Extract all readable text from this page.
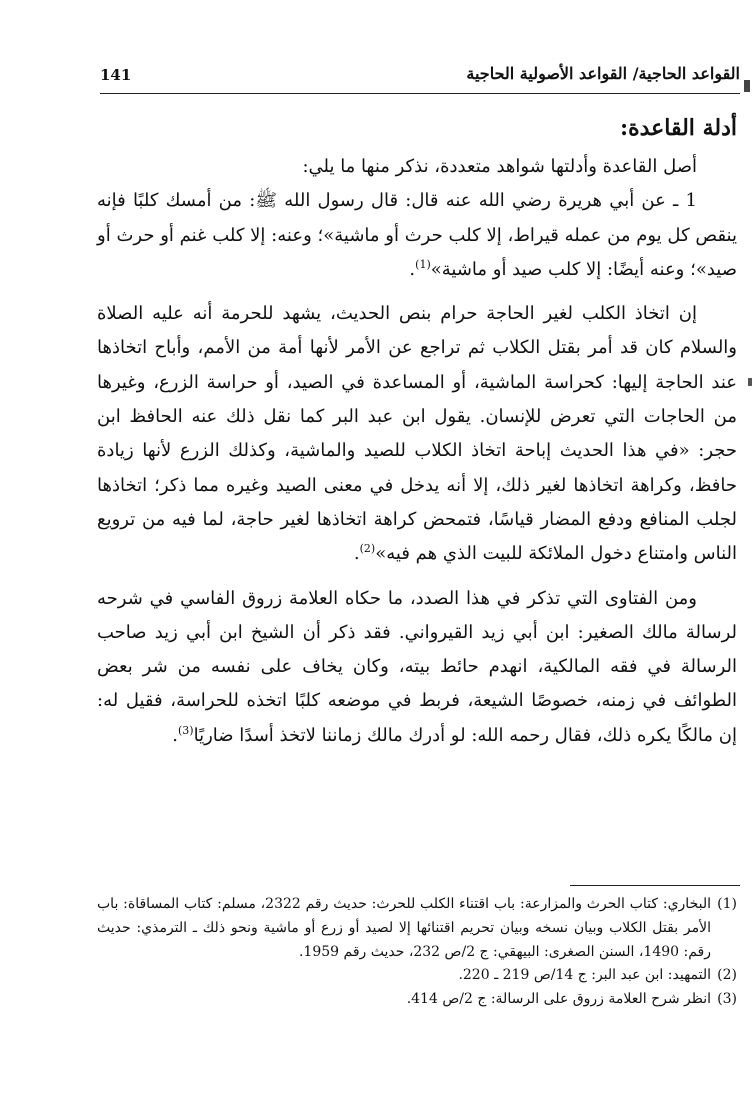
141	القواعد الحاجية/ القواعد الأصولية الحاجية
أدلة القاعدة:

أصل القاعدة وأدلتها شواهد متعددة، نذكر منها ما يلي:

1 ـ عن أبي هريرة رضي الله عنه قال: قال رسول الله ﷺ: من أمسك كلبًا فإنه ينقص كل يوم من عمله قيراط، إلا كلب حرث أو ماشية»؛ وعنه: إلا كلب غنم أو حرث أو صيد»؛ وعنه أيضًا: إلا كلب صيد أو ماشية»$^{(1)}$.

إن اتخاذ الكلب لغير الحاجة حرام بنص الحديث، يشهد للحرمة أنه عليه الصلاة والسلام كان قد أمر بقتل الكلاب ثم تراجع عن الأمر لأنها أمة من الأمم، وأباح اتخاذها عند الحاجة إليها: كحراسة الماشية، أو المساعدة في الصيد، أو حراسة الزرع، وغيرها من الحاجات التي تعرض للإنسان. يقول ابن عبد البر كما نقل ذلك عنه الحافظ ابن حجر: «في هذا الحديث إباحة اتخاذ الكلاب للصيد والماشية، وكذلك الزرع لأنها زيادة حافظ، وكراهة اتخاذها لغير ذلك، إلا أنه يدخل في معنى الصيد وغيره مما ذكر؛ اتخاذها لجلب المنافع ودفع المضار قياسًا، فتمحض كراهة اتخاذها لغير حاجة، لما فيه من ترويع الناس وامتناع دخول الملائكة للبيت الذي هم فيه»$^{(2)}$.

ومن الفتاوى التي تذكر في هذا الصدد، ما حكاه العلامة زروق الفاسي في شرحه لرسالة مالك الصغير: ابن أبي زيد القيرواني. فقد ذكر أن الشيخ ابن أبي زيد صاحب الرسالة في فقه المالكية، انهدم حائط بيته، وكان يخاف على نفسه من شر بعض الطوائف في زمنه، خصوصًا الشيعة، فربط في موضعه كلبًا اتخذه للحراسة، فقيل له: إن مالكًا يكره ذلك، فقال رحمه الله: لو أدرك مالك زماننا لاتخذ أسدًا ضاريًا$^{(3)}$.

(1)
البخاري: كتاب الحرث والمزارعة: باب اقتناء الكلب للحرث: حديث رقم 2322، مسلم: كتاب المساقاة: باب الأمر بقتل الكلاب وبيان نسخه وبيان تحريم اقتنائها إلا لصيد أو زرع أو ماشية ونحو ذلك ـ الترمذي: حديث رقم: 1490، السنن الصغرى: البيهقي: ج 2/ص 232، حديث رقم 1959.
(2)
التمهيد: ابن عبد البر: ج 14/ص 219 ـ 220.
(3)
انظر شرح العلامة زروق على الرسالة: ج 2/ص 414.
